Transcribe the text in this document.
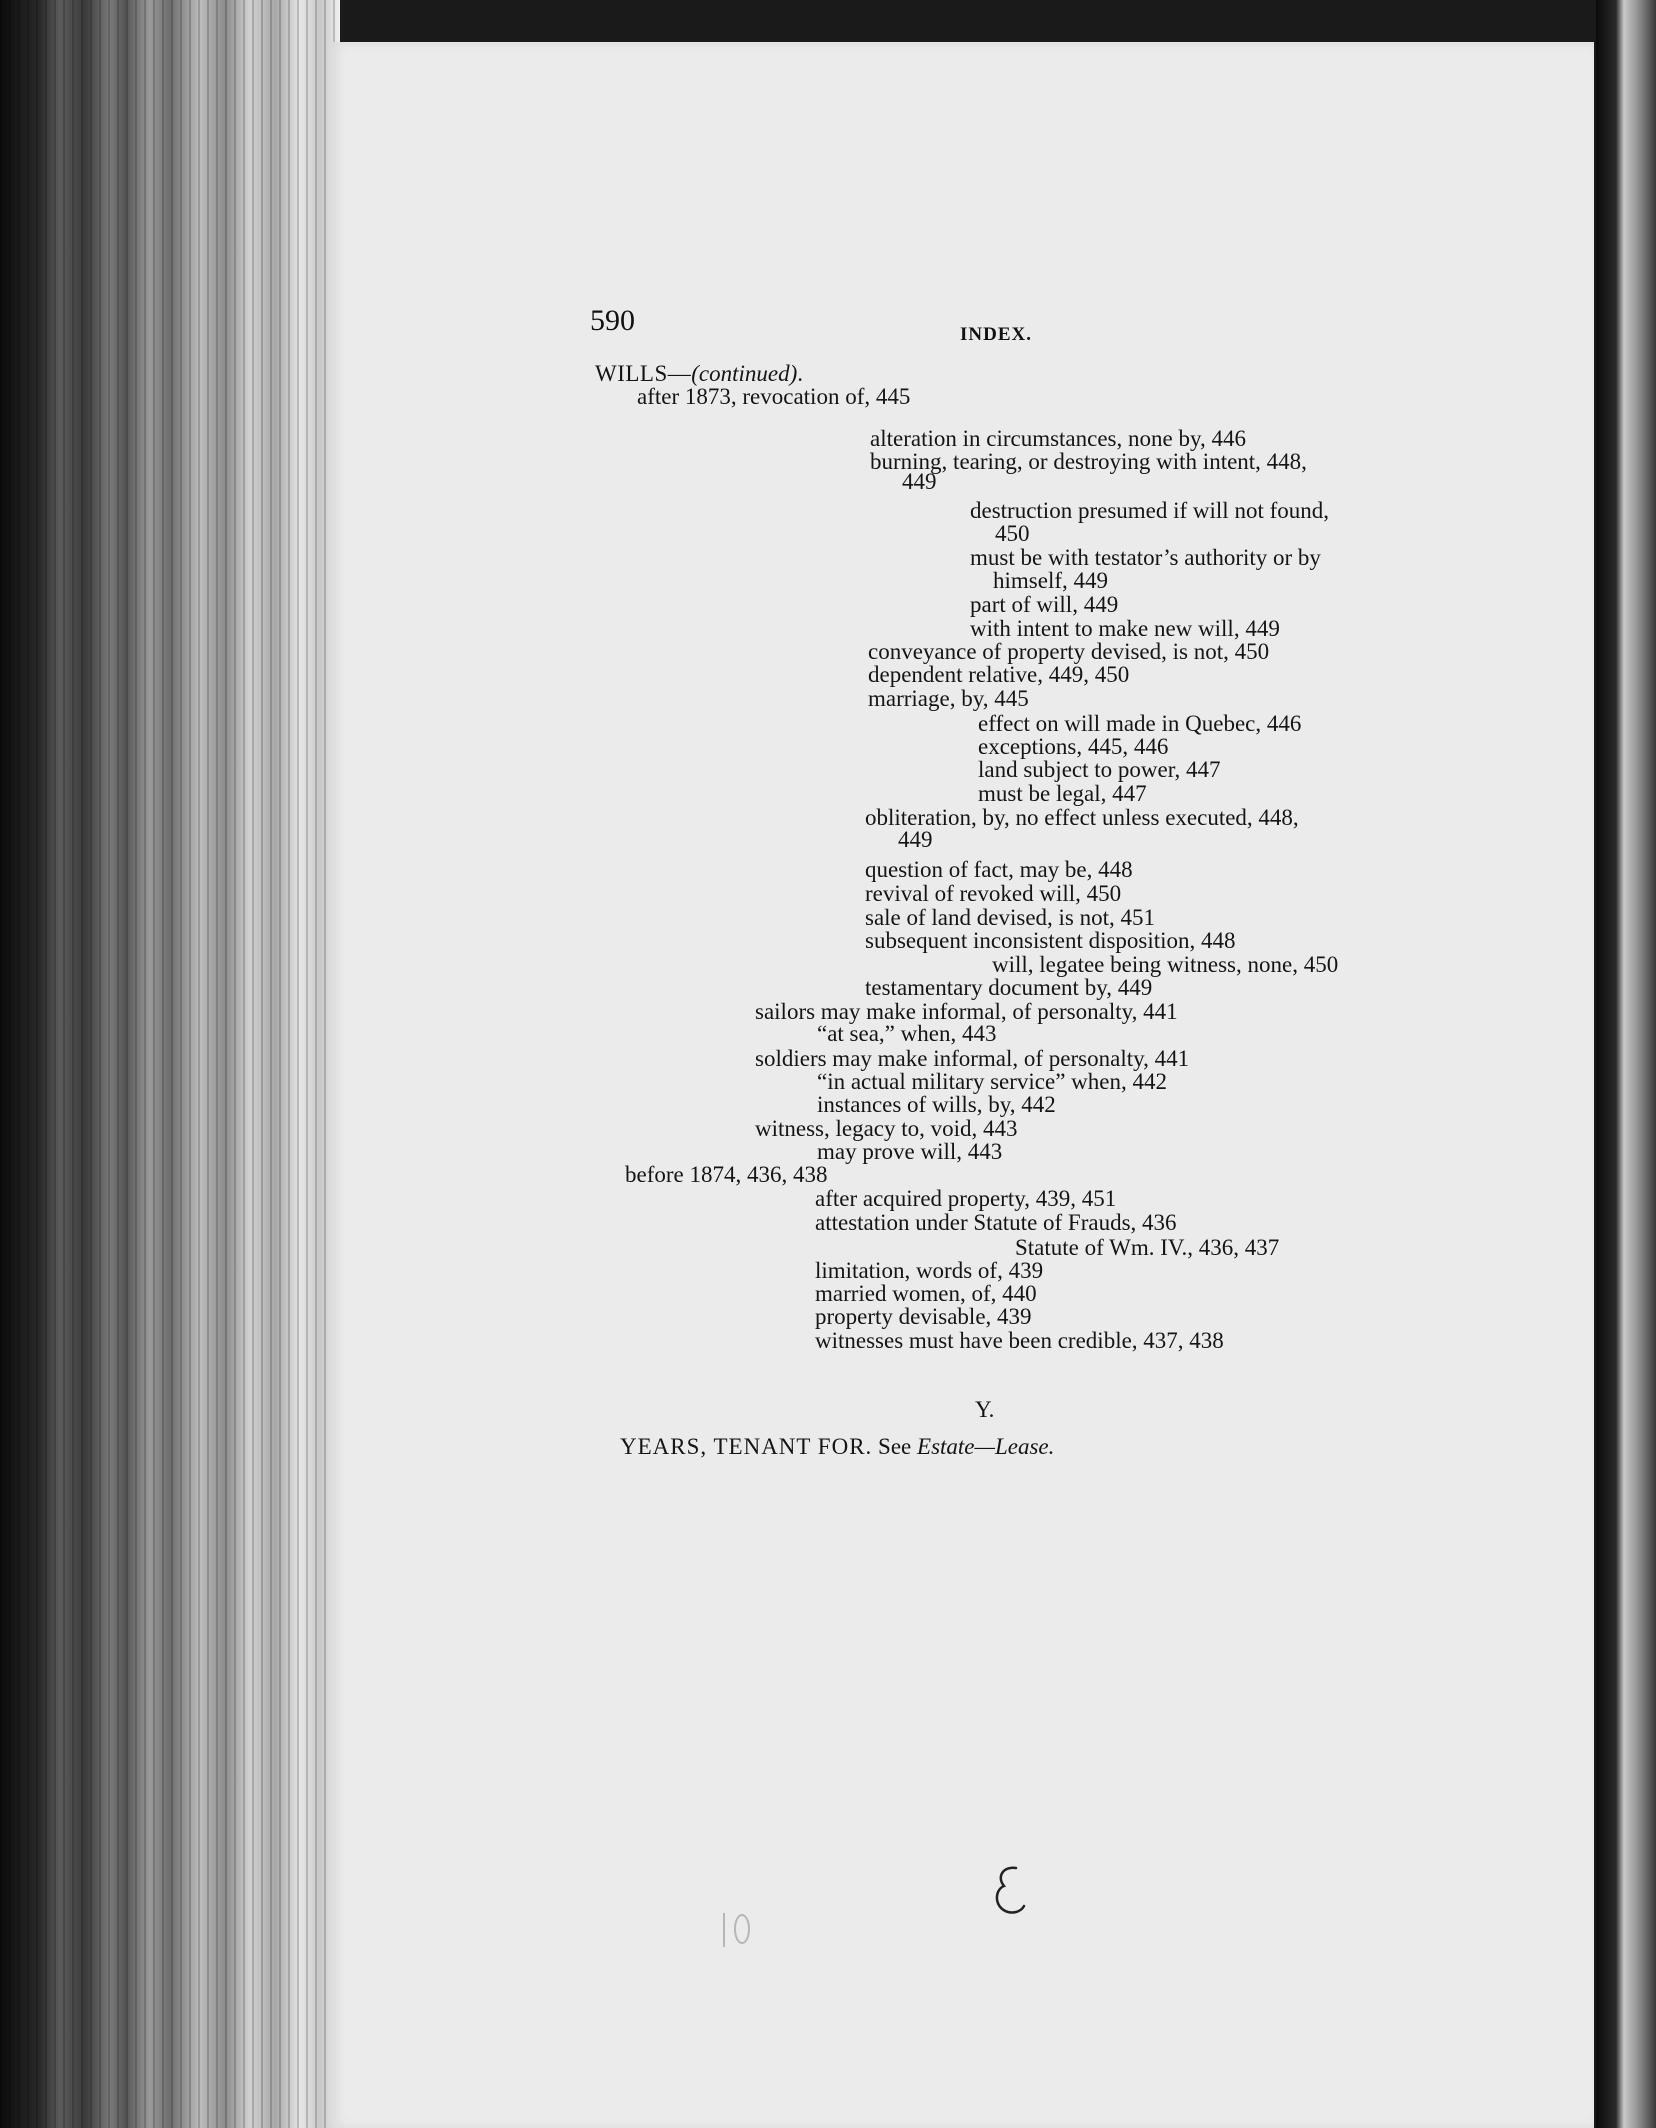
590	INDEX.
WILLS—(continued).
after 1873, revocation of, 445
alteration in circumstances, none by, 446
burning, tearing, or destroying with intent, 448,
449
destruction presumed if will not found,
450
must be with testator’s authority or by
himself, 449
part of will, 449
with intent to make new will, 449
conveyance of property devised, is not, 450
dependent relative, 449, 450
marriage, by, 445
effect on will made in Quebec, 446
exceptions, 445, 446
land subject to power, 447
must be legal, 447
obliteration, by, no effect unless executed, 448,
449
question of fact, may be, 448
revival of revoked will, 450
sale of land devised, is not, 451
subsequent inconsistent disposition, 448
will, legatee being witness, none, 450
testamentary document by, 449
sailors may make informal, of personalty, 441
“at sea,” when, 443
soldiers may make informal, of personalty, 441
“in actual military service” when, 442
instances of wills, by, 442
witness, legacy to, void, 443
may prove will, 443
before 1874, 436, 438
after acquired property, 439, 451
attestation under Statute of Frauds, 436
Statute of Wm. IV., 436, 437
limitation, words of, 439
married women, of, 440
property devisable, 439
witnesses must have been credible, 437, 438
Y.
YEARS, TENANT FOR. See Estate—Lease.
